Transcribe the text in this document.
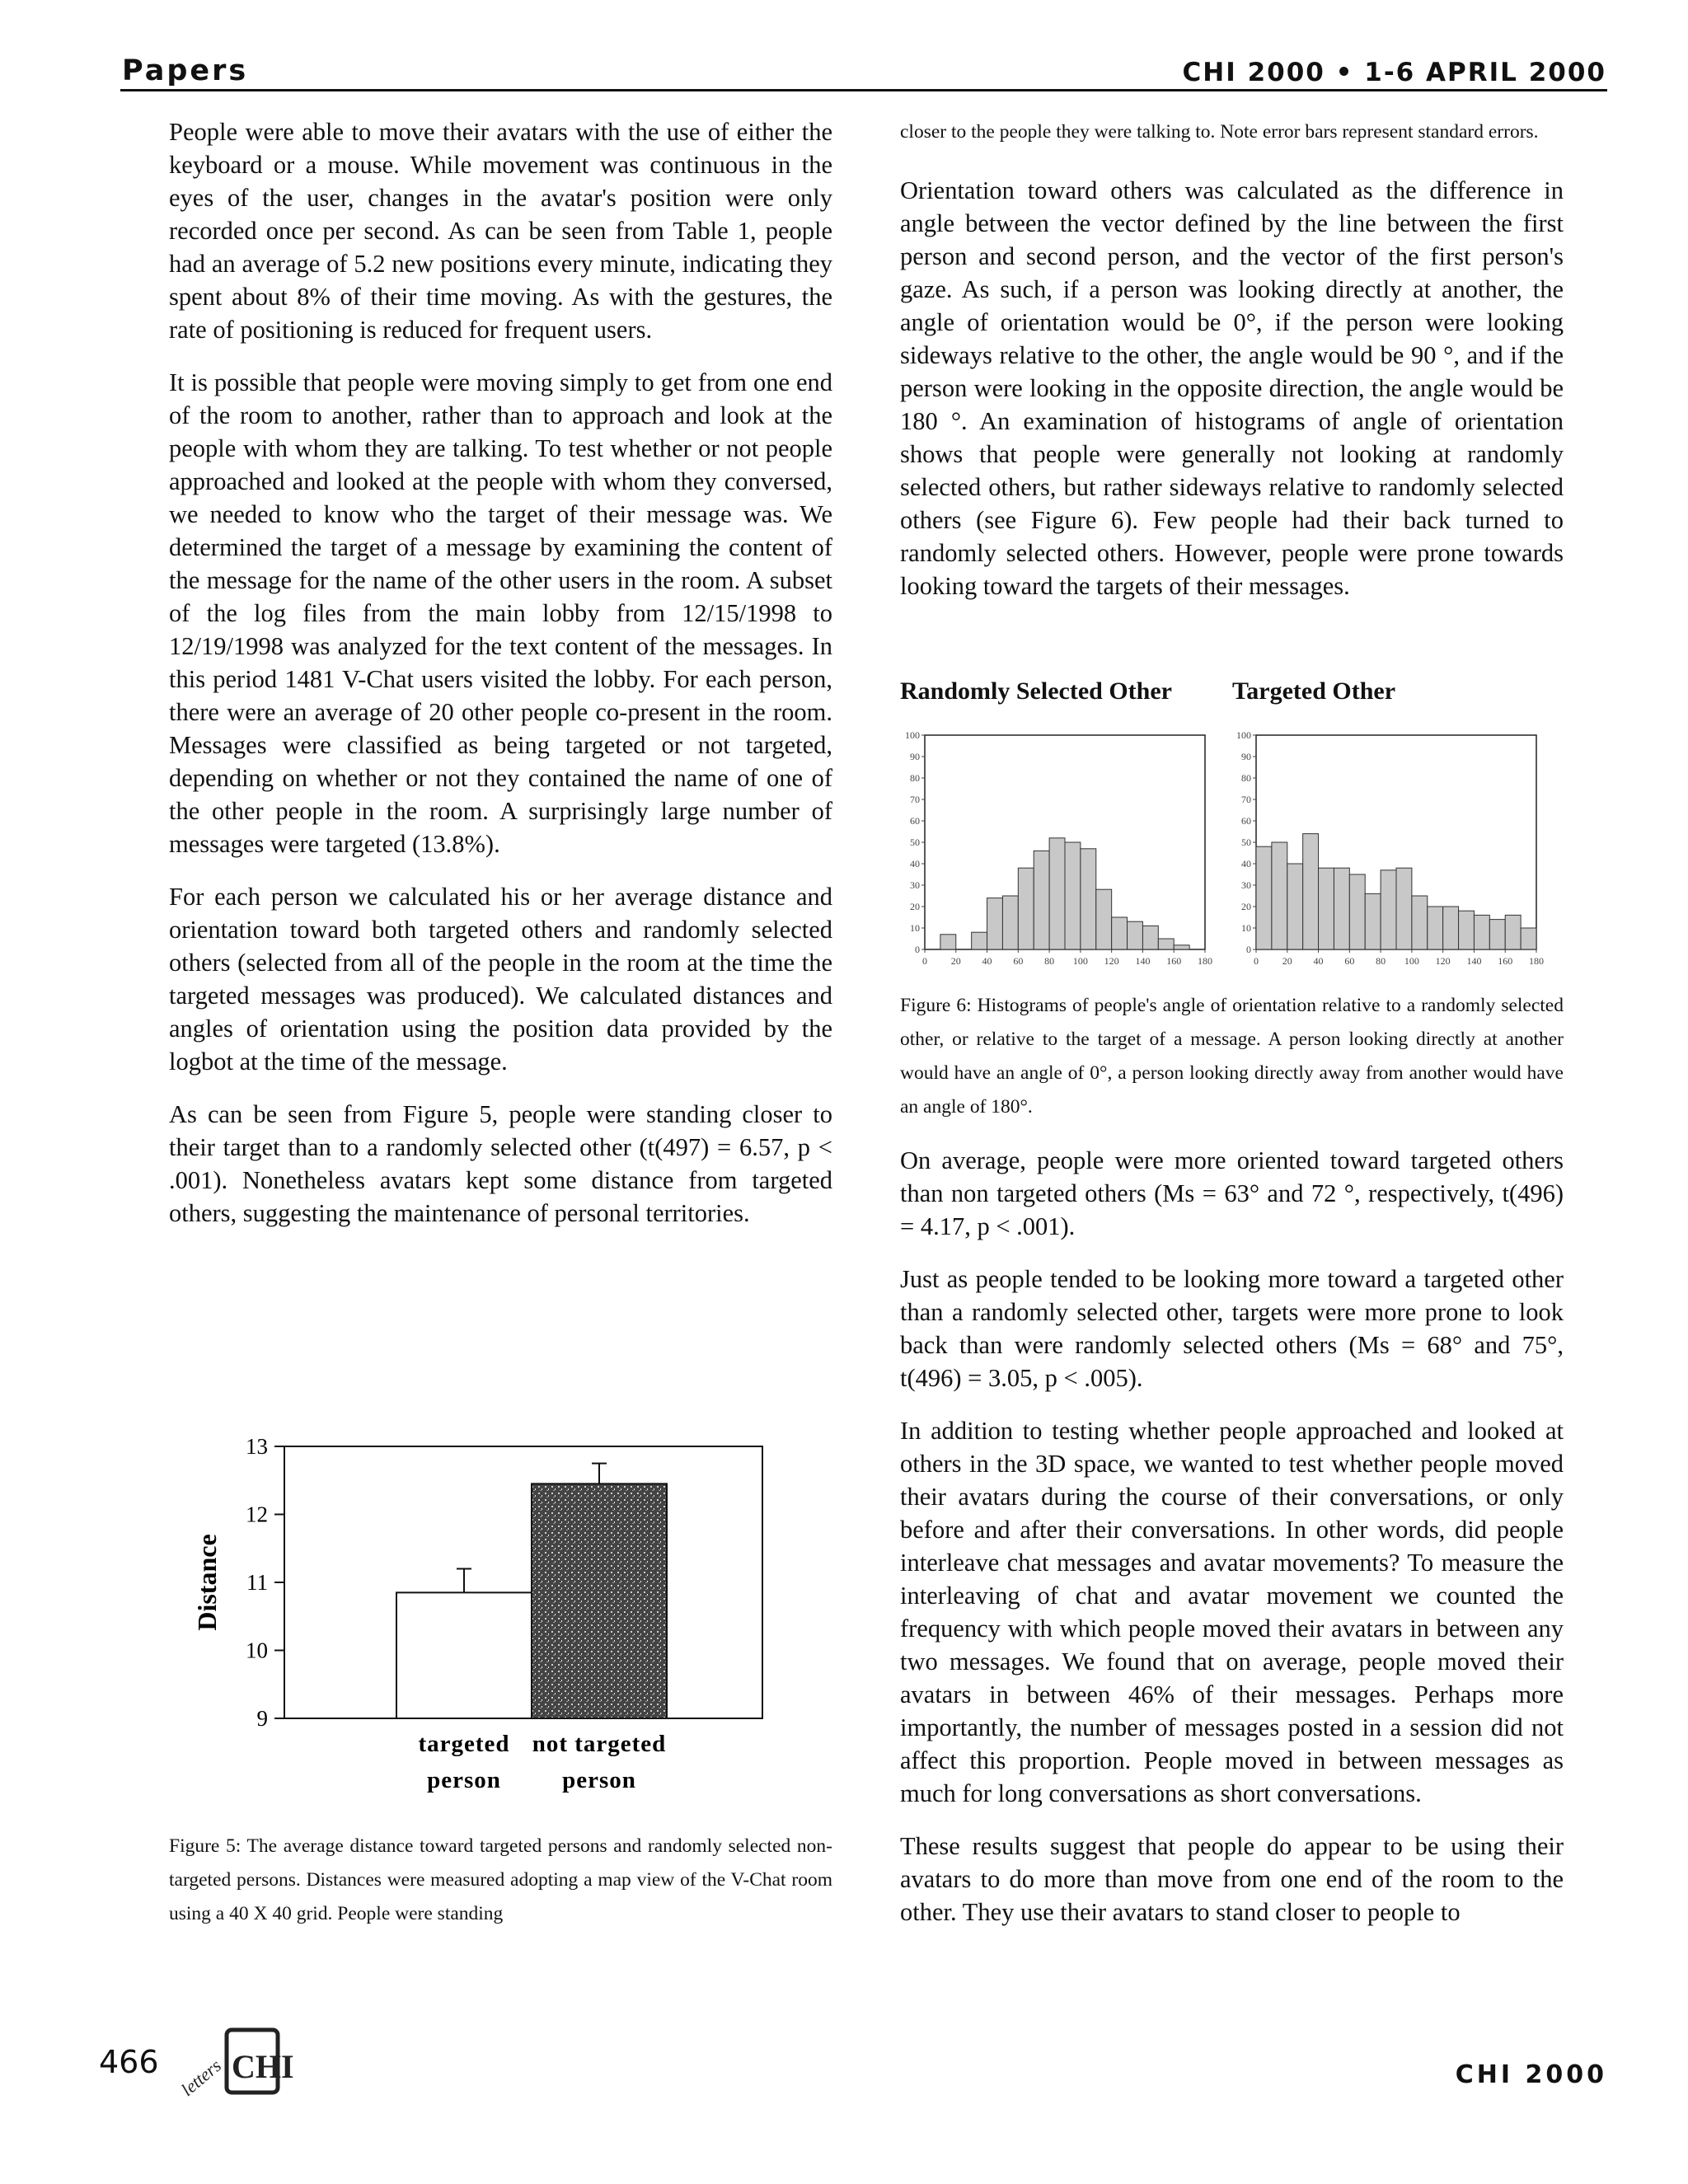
Papers	CHI 2000 • 1-6 APRIL 2000

People were able to move their avatars with the use of either the keyboard or a mouse. While movement was continuous in the eyes of the user, changes in the avatar's position were only recorded once per second. As can be seen from Table 1, people had an average of 5.2 new positions every minute, indicating they spent about 8% of their time moving. As with the gestures, the rate of positioning is reduced for frequent users.

It is possible that people were moving simply to get from one end of the room to another, rather than to approach and look at the people with whom they are talking. To test whether or not people approached and looked at the people with whom they conversed, we needed to know who the target of their message was. We determined the target of a message by examining the content of the message for the name of the other users in the room. A subset of the log files from the main lobby from 12/15/1998 to 12/19/1998 was analyzed for the text content of the messages. In this period 1481 V-Chat users visited the lobby. For each person, there were an average of 20 other people co-present in the room. Messages were classified as being targeted or not targeted, depending on whether or not they contained the name of one of the other people in the room. A surprisingly large number of messages were targeted (13.8%).

For each person we calculated his or her average distance and orientation toward both targeted others and randomly selected others (selected from all of the people in the room at the time the targeted messages was produced). We calculated distances and angles of orientation using the position data provided by the logbot at the time of the message.

As can be seen from Figure 5, people were standing closer to their target than to a randomly selected other (t(497) = 6.57, p < .001). Nonetheless avatars kept some distance from targeted others, suggesting the maintenance of personal territories.

9
10
11
12
13
Distance
targeted
person
not targeted
person
Figure 5: The average distance toward targeted persons and randomly selected non-targeted persons. Distances were measured adopting a map view of the V-Chat room using a 40 X 40 grid. People were standing

closer to the people they were talking to. Note error bars represent standard errors.

Orientation toward others was calculated as the difference in angle between the vector defined by the line between the first person and second person, and the vector of the first person's gaze. As such, if a person was looking directly at another, the angle of orientation would be 0°, if the person were looking sideways relative to the other, the angle would be 90 °, and if the person were looking in the opposite direction, the angle would be 180 °. An examination of histograms of angle of orientation shows that people were generally not looking at randomly selected others, but rather sideways relative to randomly selected others (see Figure 6). Few people had their back turned to randomly selected others. However, people were prone towards looking toward the targets of their messages.

Randomly Selected Other Targeted Other
0
10
20
30
40
50
60
70
80
90
100
0 20 40 60 80 100 120 140 160 180
0
10
20
30
40
50
60
70
80
90
100
0 20 40 60 80 100 120 140 160 180

Figure 6: Histograms of people's angle of orientation relative to a randomly selected other, or relative to the target of a message. A person looking directly at another would have an angle of 0°, a person looking directly away from another would have an angle of 180°.

On average, people were more oriented toward targeted others than non targeted others (Ms = 63° and 72 °, respectively, t(496) = 4.17, p < .001).

Just as people tended to be looking more toward a targeted other than a randomly selected other, targets were more prone to look back than were randomly selected others (Ms = 68° and 75°, t(496) = 3.05, p < .005).

In addition to testing whether people approached and looked at others in the 3D space, we wanted to test whether people moved their avatars during the course of their conversations, or only before and after their conversations. In other words, did people interleave chat messages and avatar movements? To measure the interleaving of chat and avatar movement we counted the frequency with which people moved their avatars in between any two messages. We found that on average, people moved their avatars in between 46% of their messages. Perhaps more importantly, the number of messages posted in a session did not affect this proportion. People moved in between messages as much for long conversations as short conversations.

These results suggest that people do appear to be using their avatars to do more than move from one end of the room to the other. They use their avatars to stand closer to people to

466 letters CHI	CHI 2000
